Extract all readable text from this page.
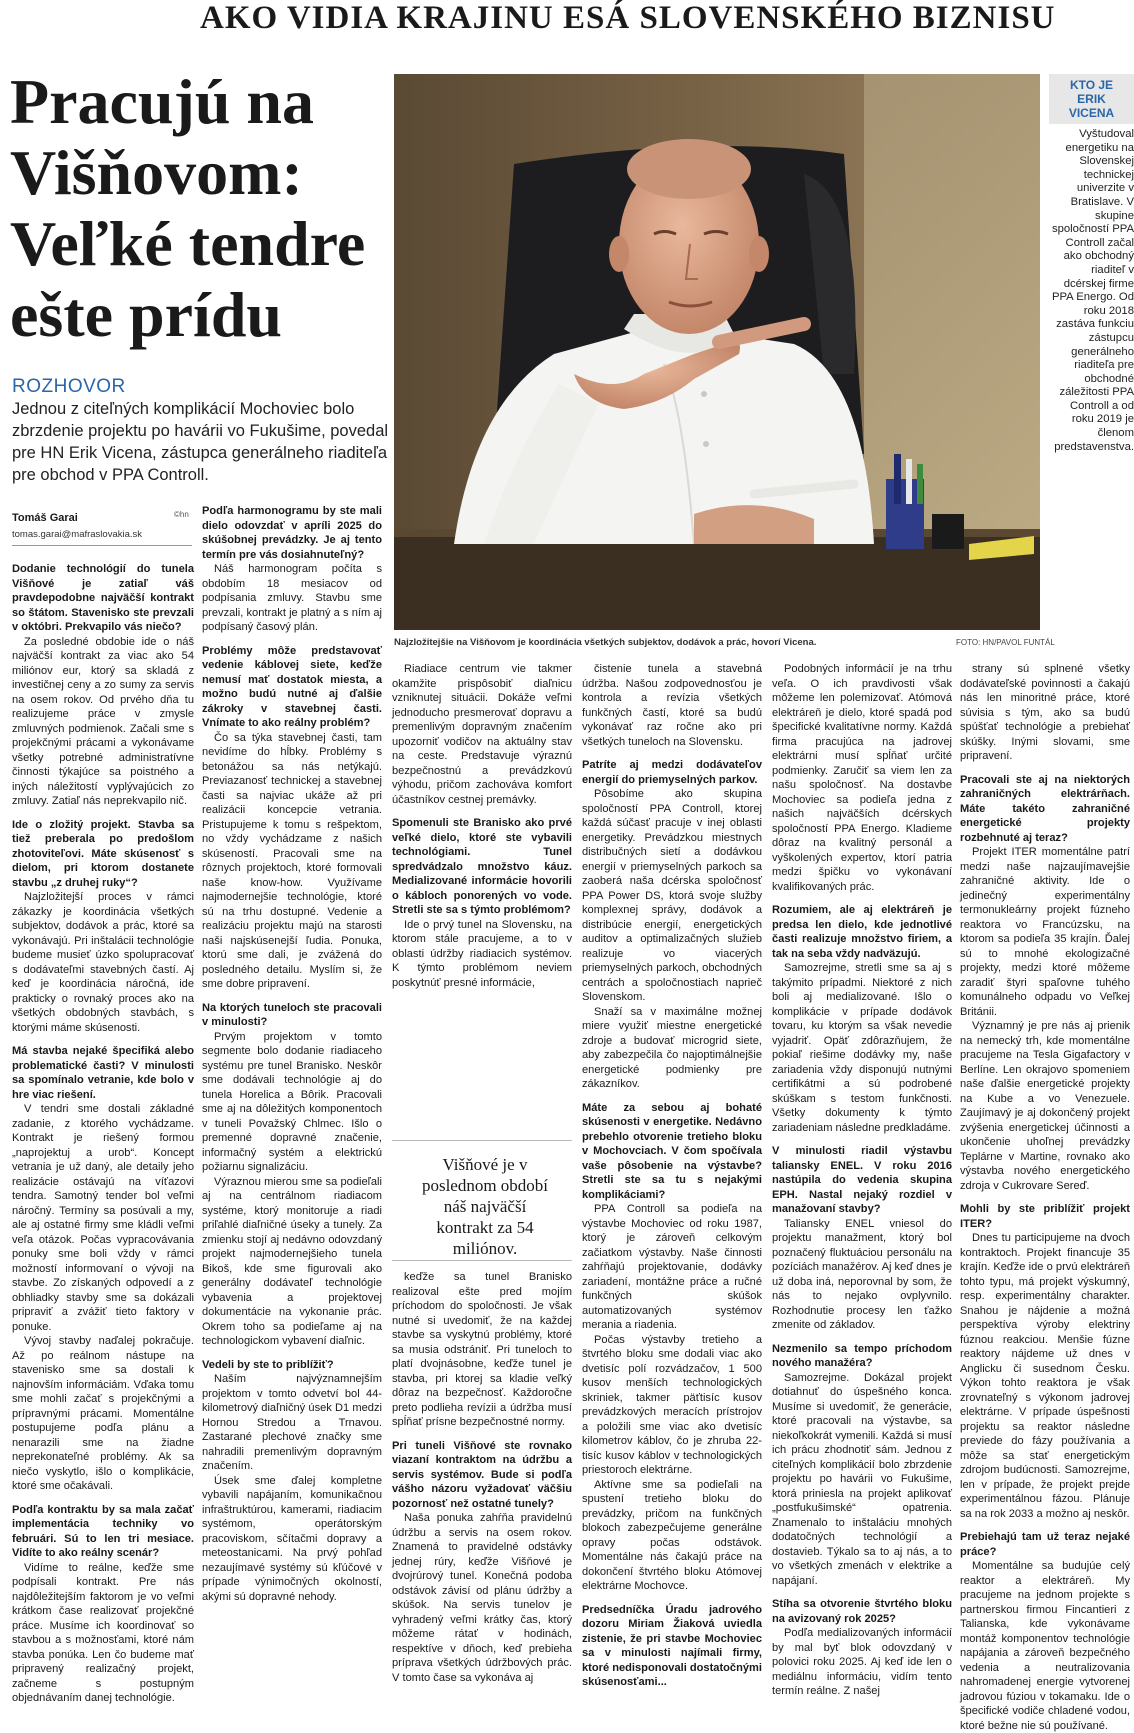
AKO VIDIA KRAJINU ESÁ SLOVENSKÉHO BIZNISU
Pracujú na
Višňovom:
Veľké tendre
ešte prídu
ROZHOVOR
Jednou z citeľných komplikácií Mochoviec bolo zbrzdenie projektu po havárii vo Fukušime, povedal pre HN Erik Vicena, zástupca generálneho riaditeľa pre obchod v PPA Controll.
KTO JE
ERIK
VICENA
Vyštudoval energetiku na Slovenskej technickej univerzite v Bratislave. V skupine spoločností PPA Controll začal ako obchodný riaditeľ v dcérskej firme PPA Energo. Od roku 2018 zastáva funkciu zástupcu generálneho riaditeľa pre obchodné záležitosti PPA Controll a od roku 2019 je členom predstavenstva.
Najzložitejšie na Višňovom je koordinácia všetkých subjektov, dodávok a prác, hovorí Vicena.	FOTO: HN/PAVOL FUNTÁL
Tomáš Garai
tomas.garai@mafraslovakia.sk
©hn

Dodanie technológií do tunela Višňové je zatiaľ váš pravdepodobne najväčší kontrakt so štátom. Stavenisko ste prevzali v októbri. Prekvapilo vás niečo?

Za posledné obdobie ide o náš najväčší kontrakt za viac ako 54 miliónov eur, ktorý sa skladá z investičnej ceny a zo sumy za servis na osem rokov. Od prvého dňa tu realizujeme práce v zmysle zmluvných podmienok. Začali sme s projekčnými prácami a vykonávame všetky potrebné administratívne činnosti týkajúce sa poistného a iných náležitostí vyplývajúcich zo zmluvy. Zatiaľ nás neprekvapilo nič.

Ide o zložitý projekt. Stavba sa tiež preberala po predošlom zhotoviteľovi. Máte skúsenosť s dielom, pri ktorom dostanete stavbu „z druhej ruky“?

Najzložitejší proces v rámci zákazky je koordinácia všetkých subjektov, dodávok a prác, ktoré sa vykonávajú. Pri inštalácii technológie budeme musieť úzko spolupracovať s dodávateľmi stavebných častí. Aj keď je koordinácia náročná, ide prakticky o rovnaký proces ako na všetkých obdobných stavbách, s ktorými máme skúsenosti.

Má stavba nejaké špecifiká alebo problematické časti? V minulosti sa spomínalo vetranie, kde bolo v hre viac riešení.

V tendri sme dostali základné zadanie, z ktorého vychádzame. Kontrakt je riešený formou „naprojektuj a urob“. Koncept vetrania je už daný, ale detaily jeho realizácie ostávajú na víťazovi tendra. Samotný tender bol veľmi náročný. Termíny sa posúvali a my, ale aj ostatné firmy sme kládli veľmi veľa otázok. Počas vypracovávania ponuky sme boli vždy v rámci možností informovaní o vývoji na stavbe. Zo získaných odpovedí a z obhliadky stavby sme sa dokázali pripraviť a zvážiť tieto faktory v ponuke.

Vývoj stavby naďalej pokračuje. Až po reálnom nástupe na stavenisko sme sa dostali k najnovším informáciám. Vďaka tomu sme mohli začať s projekčnými a prípravnými prácami. Momentálne postupujeme podľa plánu a nenarazili sme na žiadne neprekonateľné problémy. Ak sa niečo vyskytlo, išlo o komplikácie, ktoré sme očakávali.

Podľa kontraktu by sa mala začať implementácia techniky vo februári. Sú to len tri mesiace. Vidíte to ako reálny scenár?

Vidíme to reálne, keďže sme podpísali kontrakt. Pre nás najdôležitejším faktorom je vo veľmi krátkom čase realizovať projekčné práce. Musíme ich koordinovať so stavbou a s možnosťami, ktoré nám stavba ponúka. Len čo budeme mať pripravený realizačný projekt, začneme s postupným objednávaním danej technológie.

Podľa harmonogramu by ste mali dielo odovzdať v apríli 2025 do skúšobnej prevádzky. Je aj tento termín pre vás dosiahnuteľný?

Náš harmonogram počíta s obdobím 18 mesiacov od podpísania zmluvy. Stavbu sme prevzali, kontrakt je platný a s ním aj podpísaný časový plán.

Problémy môže predstavovať vedenie káblovej siete, keďže nemusí mať dostatok miesta, a možno budú nutné aj ďalšie zákroky v stavebnej časti. Vnímate to ako reálny problém?

Čo sa týka stavebnej časti, tam nevidíme do hĺbky. Problémy s betonážou sa nás netýkajú. Previazanosť technickej a stavebnej časti sa najviac ukáže až pri realizácii koncepcie vetrania. Pristupujeme k tomu s rešpektom, no vždy vychádzame z našich skúseností. Pracovali sme na rôznych projektoch, ktoré formovali naše know-how. Využívame najmodernejšie technológie, ktoré sú na trhu dostupné. Vedenie a realizáciu projektu majú na starosti naši najskúsenejší ľudia. Ponuka, ktorú sme dali, je zvážená do posledného detailu. Myslím si, že sme dobre pripravení.

Na ktorých tuneloch ste pracovali v minulosti?

Prvým projektom v tomto segmente bolo dodanie riadiaceho systému pre tunel Branisko. Neskôr sme dodávali technológie aj do tunela Horelica a Bôrik. Pracovali sme aj na dôležitých komponentoch v tuneli Považský Chlmec. Išlo o premenné dopravné značenie, informačný systém a elektrickú požiarnu signalizáciu.

Výraznou mierou sme sa podieľali aj na centrálnom riadiacom systéme, ktorý monitoruje a riadi priľahlé diaľničné úseky a tunely. Za zmienku stojí aj nedávno odovzdaný projekt najmodernejšieho tunela Bikoš, kde sme figurovali ako generálny dodávateľ technológie vybavenia a projektovej dokumentácie na vykonanie prác. Okrem toho sa podieľame aj na technologickom vybavení diaľnic.

Vedeli by ste to priblížiť?

Naším najvýznamnejším projektom v tomto odvetví bol 44-kilometrový diaľničný úsek D1 medzi Hornou Stredou a Trnavou. Zastarané plechové značky sme nahradili premenlivým dopravným značením.

Úsek sme ďalej kompletne vybavili napájaním, komunikačnou infraštruktúrou, kamerami, riadiacim systémom, operátorským pracoviskom, sčítačmi dopravy a meteostanicami. Na prvý pohľad nezaujímavé systémy sú kľúčové v prípade výnimočných okolností, akými sú dopravné nehody.

Riadiace centrum vie takmer okamžite prispôsobiť diaľnicu vzniknutej situácii. Dokáže veľmi jednoducho presmerovať dopravu a premenlivým dopravným značením upozorniť vodičov na aktuálny stav na ceste. Predstavuje výraznú bezpečnostnú a prevádzkovú výhodu, pričom zachováva komfort účastníkov cestnej premávky.

Spomenuli ste Branisko ako prvé veľké dielo, ktoré ste vybavili technológiami. Tunel spredvádzalo množstvo káuz. Medializované informácie hovorili o kábloch ponorených vo vode. Stretli ste sa s týmto problémom?

Ide o prvý tunel na Slovensku, na ktorom stále pracujeme, a to v oblasti údržby riadiacich systémov. K týmto problémom neviem poskytnúť presné informácie,

Višňové je v poslednom období náš najväčší kontrakt za 54 miliónov.

keďže sa tunel Branisko realizoval ešte pred mojím príchodom do spoločnosti. Je však nutné si uvedomiť, že na každej stavbe sa vyskytnú problémy, ktoré sa musia odstrániť. Pri tuneloch to platí dvojnásobne, keďže tunel je stavba, pri ktorej sa kladie veľký dôraz na bezpečnosť. Každoročne preto podlieha revízii a údržba musí spĺňať prísne bezpečnostné normy.

Pri tuneli Višňové ste rovnako viazaní kontraktom na údržbu a servis systémov. Bude si podľa vášho názoru vyžadovať väčšiu pozornosť než ostatné tunely?

Naša ponuka zahŕňa pravidelnú údržbu a servis na osem rokov. Znamená to pravidelné odstávky jednej rúry, keďže Višňové je dvojrúrový tunel. Konečná podoba odstávok závisí od plánu údržby a skúšok. Na servis tunelov je vyhradený veľmi krátky čas, ktorý môžeme rátať v hodinách, respektíve v dňoch, keď prebieha príprava všetkých údržbových prác. V tomto čase sa vykonáva aj

čistenie tunela a stavebná údržba. Našou zodpovednosťou je kontrola a revízia všetkých funkčných častí, ktoré sa budú vykonávať raz ročne ako pri všetkých tuneloch na Slovensku.

Patríte aj medzi dodávateľov energií do priemyselných parkov.

Pôsobíme ako skupina spoločností PPA Controll, ktorej každá súčasť pracuje v inej oblasti energetiky. Prevádzkou miestnych distribučných sietí a dodávkou energií v priemyselných parkoch sa zaoberá naša dcérska spoločnosť PPA Power DS, ktorá svoje služby komplexnej správy, dodávok a distribúcie energií, energetických auditov a optimalizačných služieb realizuje vo viacerých priemyselných parkoch, obchodných centrách a spoločnostiach naprieč Slovenskom.

Snaží sa v maximálne možnej miere využiť miestne energetické zdroje a budovať microgrid siete, aby zabezpečila čo najoptimálnejšie energetické podmienky pre zákazníkov.

Máte za sebou aj bohaté skúsenosti v energetike. Nedávno prebehlo otvorenie tretieho bloku v Mochovciach. V čom spočívala vaše pôsobenie na výstavbe? Stretli ste sa tu s nejakými komplikáciami?

PPA Controll sa podieľa na výstavbe Mochoviec od roku 1987, ktorý je zároveň celkovým začiatkom výstavby. Naše činnosti zahŕňajú projektovanie, dodávky zariadení, montážne práce a ručné funkčných skúšok automatizovaných systémov merania a riadenia.

Počas výstavby tretieho a štvrtého bloku sme dodali viac ako dvetisíc polí rozvádzačov, 1 500 kusov menších technologických skriniek, takmer päťtisíc kusov prevádzkových meracích prístrojov a položili sme viac ako dvetisíc kilometrov káblov, čo je zhruba 22-tisíc kusov káblov v technologických priestoroch elektrárne.

Aktívne sme sa podieľali na spustení tretieho bloku do prevádzky, pričom na funkčných blokoch zabezpečujeme generálne opravy počas odstávok. Momentálne nás čakajú práce na dokončení štvrtého bloku Atómovej elektrárne Mochovce.

Predsedníčka Úradu jadrového dozoru Miriam Žiaková uviedla zistenie, že pri stavbe Mochoviec sa v minulosti najímali firmy, ktoré nedisponovali dostatočnými skúsenosťami...

Podobných informácií je na trhu veľa. O ich pravdivosti však môžeme len polemizovať. Atómová elektráreň je dielo, ktoré spadá pod špecifické kvalitatívne normy. Každá firma pracujúca na jadrovej elektrárni musí spĺňať určité podmienky. Zaručiť sa viem len za našu spoločnosť. Na dostavbe Mochoviec sa podieľa jedna z našich najväčších dcérskych spoločností PPA Energo. Kladieme dôraz na kvalitný personál a vyškolených expertov, ktorí patria medzi špičku vo vykonávaní kvalifikovaných prác.

Rozumiem, ale aj elektráreň je predsa len dielo, kde jednotlivé časti realizuje množstvo firiem, a tak na seba vždy nadväzujú.

Samozrejme, stretli sme sa aj s takýmito prípadmi. Niektoré z nich boli aj medializované. Išlo o komplikácie v prípade dodávok tovaru, ku ktorým sa však nevedie vyjadriť. Opäť zdôrazňujem, že pokiaľ riešime dodávky my, naše zariadenia vždy disponujú nutnými certifikátmi a sú podrobené skúškam s testom funkčnosti. Všetky dokumenty k týmto zariadeniam následne predkladáme.

V minulosti riadil výstavbu taliansky ENEL. V roku 2016 nastúpila do vedenia skupina EPH. Nastal nejaký rozdiel v manažovaní stavby?

Taliansky ENEL vniesol do projektu manažment, ktorý bol poznačený fluktuáciou personálu na pozíciách manažérov. Aj keď dnes je už doba iná, neporovnal by som, že nás to nejako ovplyvnilo. Rozhodnutie procesy len ťažko zmenite od základov.

Nezmenilo sa tempo príchodom nového manažéra?

Samozrejme. Dokázal projekt dotiahnuť do úspešného konca. Musíme si uvedomiť, že generácie, ktoré pracovali na výstavbe, sa niekoľkokrát vymenili. Každá si musí ich prácu zhodnotiť sám. Jednou z citeľných komplikácií bolo zbrzdenie projektu po havárii vo Fukušime, ktorá priniesla na projekt aplikovať „postfukušimské“ opatrenia. Znamenalo to inštaláciu mnohých dodatočných technológií a dostavieb. Týkalo sa to aj nás, a to vo všetkých zmenách v elektrike a napájaní.

Stíha sa otvorenie štvrtého bloku na avizovaný rok 2025?

Podľa medializovaných informácií by mal byť blok odovzdaný v polovici roku 2025. Aj keď ide len o mediálnu informáciu, vidím tento termín reálne. Z našej

strany sú splnené všetky dodávateľské povinnosti a čakajú nás len minoritné práce, ktoré súvisia s tým, ako sa budú spúšťať technológie a prebiehať skúšky. Inými slovami, sme pripravení.

Pracovali ste aj na niektorých zahraničných elektrárňach. Máte takéto zahraničné energetické projekty rozbehnuté aj teraz?

Projekt ITER momentálne patrí medzi naše najzaujímavejšie zahraničné aktivity. Ide o jedinečný experimentálny termonukleárny projekt fúzneho reaktora vo Francúzsku, na ktorom sa podieľa 35 krajín. Ďalej sú to mnohé ekologizačné projekty, medzi ktoré môžeme zaradiť štyri spaľovne tuhého komunálneho odpadu vo Veľkej Británii.

Významný je pre nás aj prienik na nemecký trh, kde momentálne pracujeme na Tesla Gigafactory v Berlíne. Len okrajovo spomeniem naše ďalšie energetické projekty na Kube a vo Venezuele. Zaujímavý je aj dokončený projekt zvýšenia energetickej účinnosti a ukončenie uhoľnej prevádzky Teplárne v Martine, rovnako ako výstavba nového energetického zdroja v Cukrovare Sereď.

Mohli by ste priblížiť projekt ITER?

Dnes tu participujeme na dvoch kontraktoch. Projekt financuje 35 krajín. Keďže ide o prvú elektráreň tohto typu, má projekt výskumný, resp. experimentálny charakter. Snahou je nájdenie a možná perspektíva výroby elektriny fúznou reakciou. Menšie fúzne reaktory nájdeme už dnes v Anglicku či susednom Česku. Výkon tohto reaktora je však zrovnateľný s výkonom jadrovej elektrárne. V prípade úspešnosti projektu sa reaktor následne previede do fázy používania a môže sa stať energetickým zdrojom budúcnosti. Samozrejme, len v prípade, že projekt prejde experimentálnou fázou. Plánuje sa na rok 2033 a možno aj neskôr.

Prebiehajú tam už teraz nejaké práce?

Momentálne sa budujúe celý reaktor a elektráreň. My pracujeme na jednom projekte s partnerskou firmou Fincantieri z Talianska, kde vykonávame montáž komponentov technológie napájania a zároveň bezpečného vedenia a neutralizovania nahromadenej energie vytvorenej jadrovou fúziou v tokamaku. Ide o špecifické vodiče chladené vodou, ktoré bežne nie sú používané.
